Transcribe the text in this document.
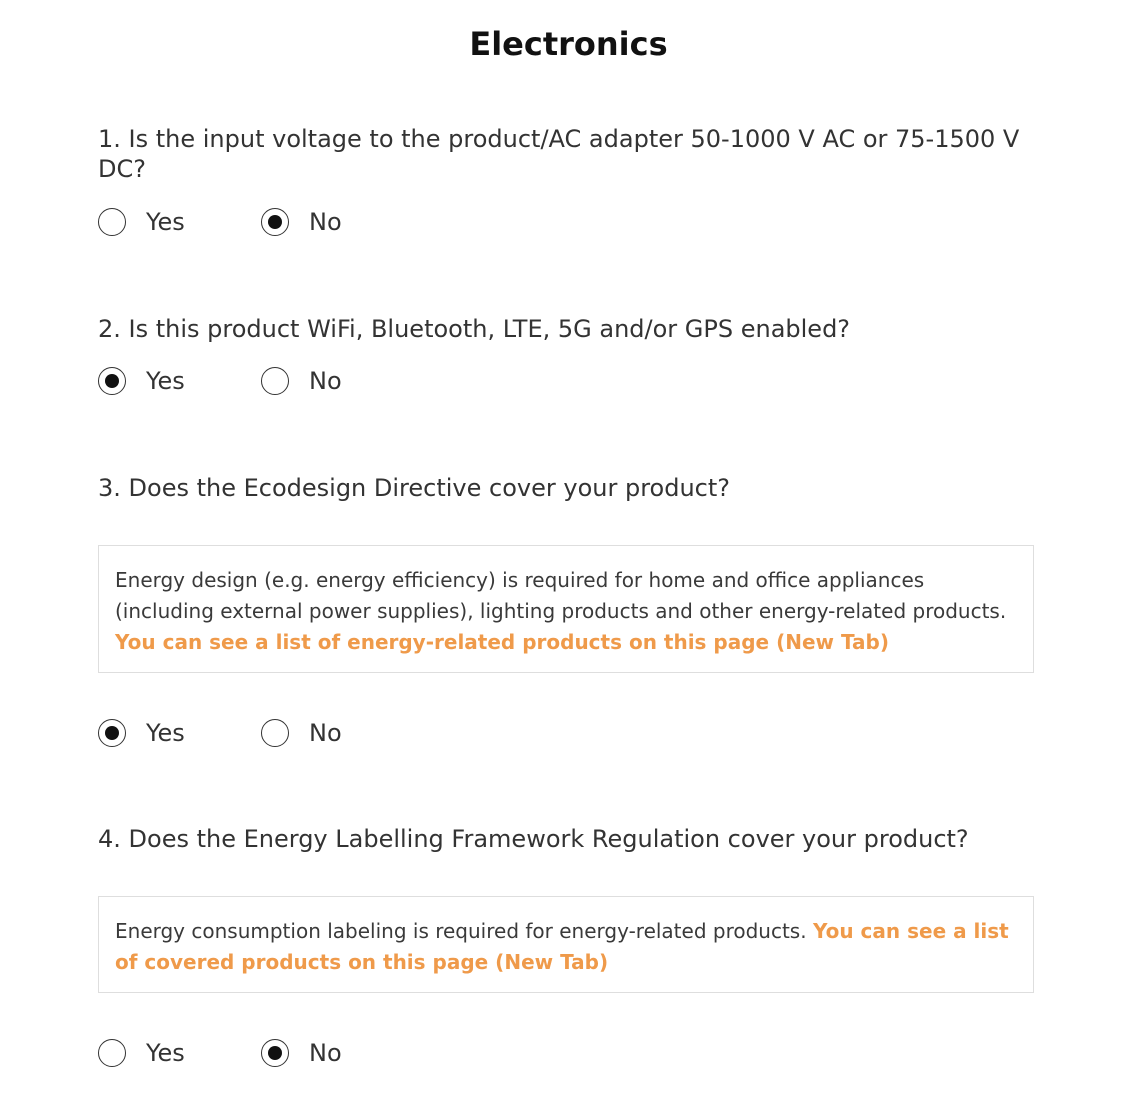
Electronics
1. Is the input voltage to the product/AC adapter 50-1000 V AC or 75-1500 V DC?
Yes	No
2. Is this product WiFi, Bluetooth, LTE, 5G and/or GPS enabled?
Yes	No
3. Does the Ecodesign Directive cover your product?
Energy design (e.g. energy efficiency) is required for home and office appliances (including external power supplies), lighting products and other energy-related products. You can see a list of energy-related products on this page (New Tab)
Yes	No
4. Does the Energy Labelling Framework Regulation cover your product?
Energy consumption labeling is required for energy-related products. You can see a list of covered products on this page (New Tab)
Yes	No
